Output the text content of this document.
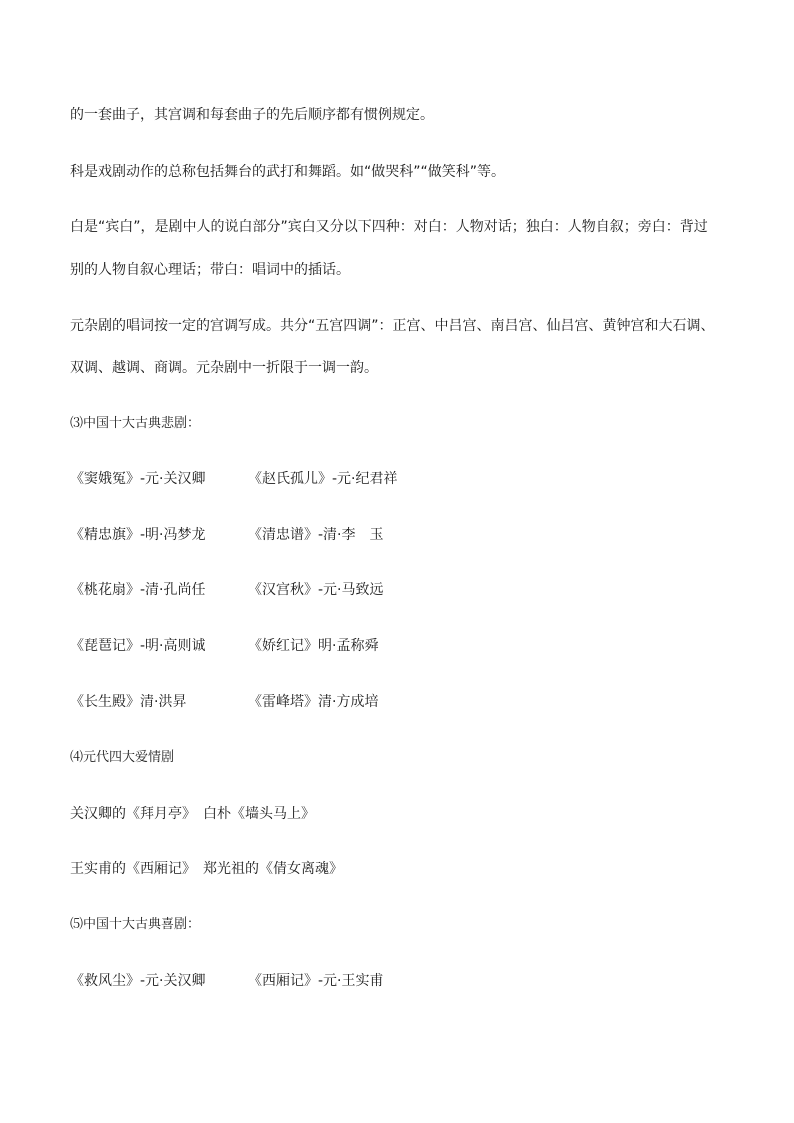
的一套曲子，其宫调和每套曲子的先后顺序都有惯例规定。
科是戏剧动作的总称包括舞台的武打和舞蹈。如“做哭科”“做笑科”等。
白是“宾白”，是剧中人的说白部分”宾白又分以下四种：对白：人物对话；独白：人物自叙；旁白：背过
别的人物自叙心理话；带白：唱词中的插话。
元杂剧的唱词按一定的宫调写成。共分“五宫四调”：正宫、中吕宫、南吕宫、仙吕宫、黄钟宫和大石调、
双调、越调、商调。元杂剧中一折限于一调一韵。
⑶中国十大古典悲剧：
《窦娥冤》-元·关汉卿	《赵氏孤儿》-元·纪君祥
《精忠旗》-明·冯梦龙	《清忠谱》-清·李　玉
《桃花扇》-清·孔尚任	《汉宫秋》-元·马致远
《琵琶记》-明·高则诚	《娇红记》明·孟称舜
《长生殿》清·洪昇	《雷峰塔》清·方成培
⑷元代四大爱情剧
关汉卿的《拜月亭》　白朴《墙头马上》
王实甫的《西厢记》　郑光祖的《倩女离魂》
⑸中国十大古典喜剧：
《救风尘》-元·关汉卿	《西厢记》-元·王实甫
